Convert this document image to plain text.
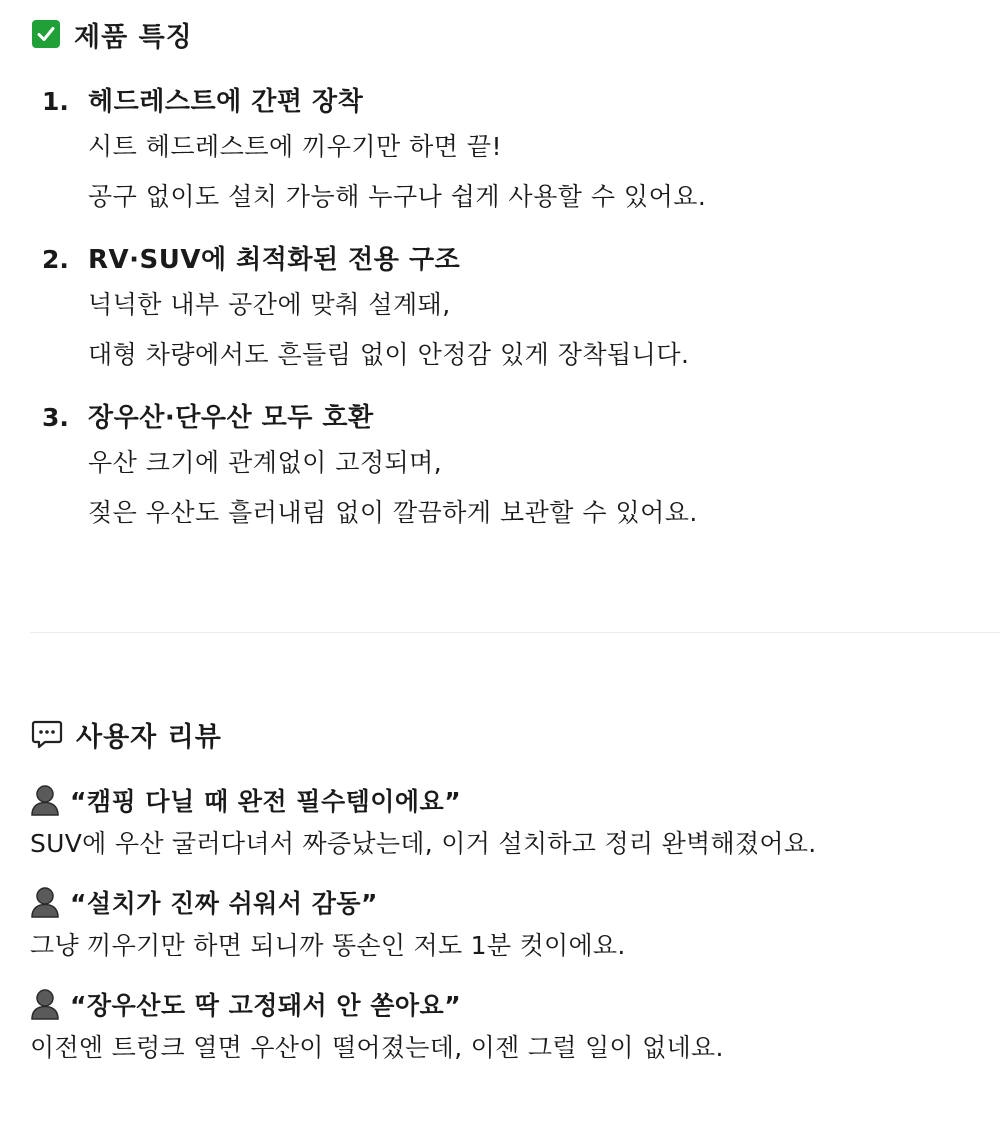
제품 특징
1. 헤드레스트에 간편 장착
시트 헤드레스트에 끼우기만 하면 끝!
공구 없이도 설치 가능해 누구나 쉽게 사용할 수 있어요.
2. RV·SUV에 최적화된 전용 구조
넉넉한 내부 공간에 맞춰 설계돼,
대형 차량에서도 흔들림 없이 안정감 있게 장착됩니다.
3. 장우산·단우산 모두 호환
우산 크기에 관계없이 고정되며,
젖은 우산도 흘러내림 없이 깔끔하게 보관할 수 있어요.
사용자 리뷰
“캠핑 다닐 때 완전 필수템이에요”
SUV에 우산 굴러다녀서 짜증났는데, 이거 설치하고 정리 완벽해졌어요.
“설치가 진짜 쉬워서 감동”
그냥 끼우기만 하면 되니까 똥손인 저도 1분 컷이에요.
“장우산도 딱 고정돼서 안 쏟아요”
이전엔 트렁크 열면 우산이 떨어졌는데, 이젠 그럴 일이 없네요.
